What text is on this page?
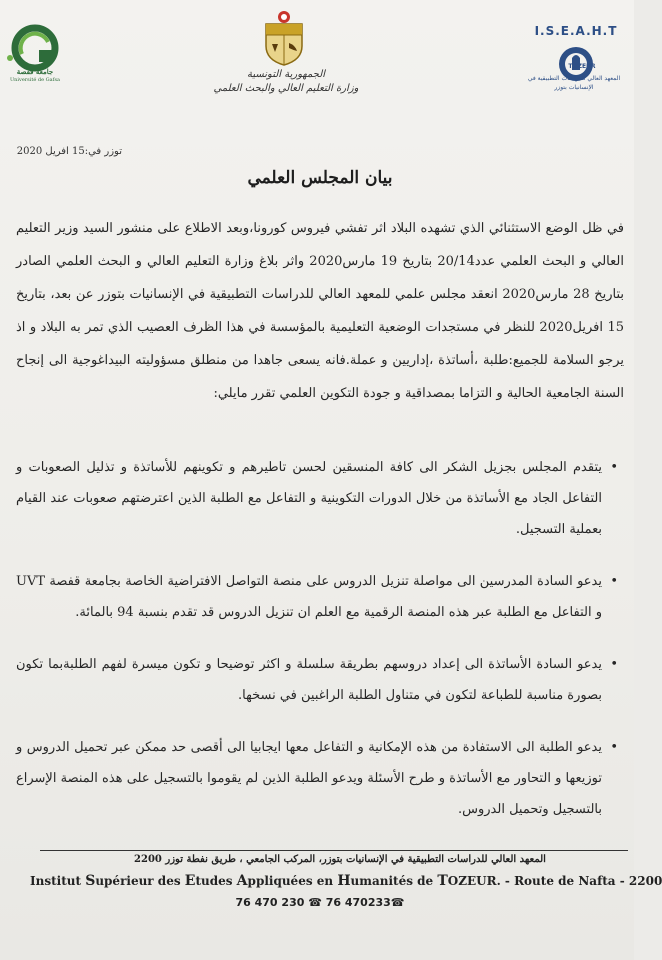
جامعة قفصة
Université de Gafsa	الجمهورية التونسية
وزارة التعليم العالي والبحث العلمي
I.S.E.A.H.T
TOZEUR
المعهد العالي للدراسات التطبيقية في الإنسانيات بتوزر
توزر في:15 افريل 2020
بيان المجلس العلمي
في ظل الوضع الاستثنائي الذي تشهده البلاد اثر تفشي فيروس كورونا،وبعد الاطلاع على منشور السيد وزير التعليم العالي و البحث العلمي عدد20/14 بتاريخ 19 مارس2020 واثر بلاغ وزارة التعليم العالي و البحث العلمي الصادر بتاريخ 28 مارس2020 انعقد مجلس علمي للمعهد العالي للدراسات التطبيقية في الإنسانيات بتوزر عن بعد، بتاريخ 15 افريل2020 للنظر في مستجدات الوضعية التعليمية بالمؤسسة في هذا الظرف العصيب الذي تمر به البلاد و اذ يرجو السلامة للجميع:طلبة ،أساتذة ،إداريين و عملة.فانه يسعى جاهدا من منطلق مسؤوليته البيداغوجية الى إنجاح السنة الجامعية الحالية و التزاما بمصداقية و جودة التكوين العلمي تقرر مايلي:
• يتقدم المجلس بجزيل الشكر الى كافة المنسقين لحسن تاطيرهم و تكوينهم للأساتذة و تذليل الصعوبات و التفاعل الجاد مع الأساتذة من خلال الدورات التكوينية و التفاعل مع الطلبة الذين اعترضتهم صعوبات عند القيام بعملية التسجيل.
• يدعو السادة المدرسين الى مواصلة تنزيل الدروس على منصة التواصل الافتراضية الخاصة بجامعة قفصة UVT و التفاعل مع الطلبة عبر هذه المنصة الرقمية مع العلم ان تنزيل الدروس قد تقدم بنسبة 94 بالمائة.
• يدعو السادة الأساتذة الى إعداد دروسهم بطريقة سلسلة و اكثر توضيحا و تكون ميسرة لفهم الطلبةبما تكون بصورة مناسبة للطباعة لتكون في متناول الطلبة الراغبين في نسخها.
• يدعو الطلبة الى الاستفادة من هذه الإمكانية و التفاعل معها ايجابيا الى أقصى حد ممكن عبر تحميل الدروس و توزيعها و التحاور مع الأساتذة و طرح الأسئلة ويدعو الطلبة الذين لم يقوموا بالتسجيل على هذه المنصة الإسراع بالتسجيل وتحميل الدروس.
المعهد العالي للدراسات التطبيقية في الإنسانيات بتوزر، المركب الجامعي ، طريق نفطة توزر 2200
Institut Supérieur des Etudes Appliquées en Humanités de TOZEUR. - Route de Nafta - 2200
76 470 230 ☎ 76 470233☎
